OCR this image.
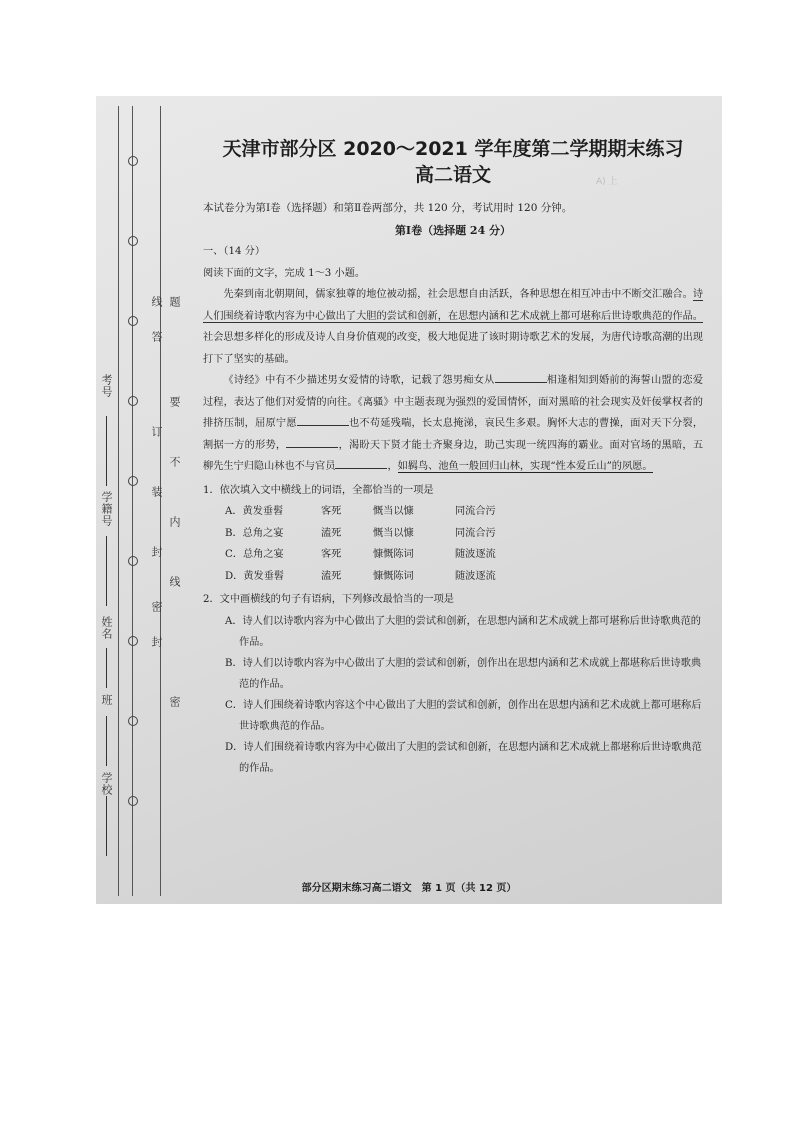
A) 上
线
答
订
要
装
不
封
内
密
线
封
密
题
考号
学籍号
姓名
班
学校
天津市部分区 2020～2021 学年度第二学期期末练习
高二语文
本试卷分为第Ⅰ卷（选择题）和第Ⅱ卷两部分，共 120 分，考试用时 120 分钟。
第Ⅰ卷（选择题 24 分）
一、（14 分）
阅读下面的文字，完成 1～3 小题。
先秦到南北朝期间，儒家独尊的地位被动摇，社会思想自由活跃，各种思想在相互冲击中不断交汇融合。诗人们围绕着诗歌内容为中心做出了大胆的尝试和创新，在思想内涵和艺术成就上都可堪称后世诗歌典范的作品。社会思想多样化的形成及诗人自身价值观的改变，极大地促进了该时期诗歌艺术的发展，为唐代诗歌高潮的出现打下了坚实的基础。
《诗经》中有不少描述男女爱情的诗歌，记载了怨男痴女从	相逢相知到婚前的海誓山盟的恋爱过程，表达了他们对爱情的向往。《离骚》中主题表现为强烈的爱国情怀，面对黑暗的社会现实及奸佞掌权者的排挤压制，屈原宁愿	也不苟延残喘，长太息掩涕，哀民生多艰。胸怀大志的曹操，面对天下分裂，割据一方的形势，	，渴盼天下贤才能士齐聚身边，助己实现一统四海的霸业。面对官场的黑暗，五柳先生宁归隐山林也不与官员	，如羁鸟、池鱼一般回归山林，实现“性本爱丘山”的夙愿。
1．依次填入文中横线上的词语，全都恰当的一项是
A．黄发垂髫	客死	慨当以慷	同流合污
B．总角之宴	溘死	慨当以慷	同流合污
C．总角之宴	客死	慷慨陈词	随波逐流
D．黄发垂髫	溘死	慷慨陈词	随波逐流
2．文中画横线的句子有语病，下列修改最恰当的一项是
A．诗人们以诗歌内容为中心做出了大胆的尝试和创新，在思想内涵和艺术成就上都可堪称后世诗歌典范的作品。
B．诗人们以诗歌内容为中心做出了大胆的尝试和创新，创作出在思想内涵和艺术成就上都堪称后世诗歌典范的作品。
C．诗人们围绕着诗歌内容这个中心做出了大胆的尝试和创新，创作出在思想内涵和艺术成就上都可堪称后世诗歌典范的作品。
D．诗人们围绕着诗歌内容为中心做出了大胆的尝试和创新，在思想内涵和艺术成就上都堪称后世诗歌典范的作品。
部分区期末练习高二语文　第 1 页（共 12 页）
